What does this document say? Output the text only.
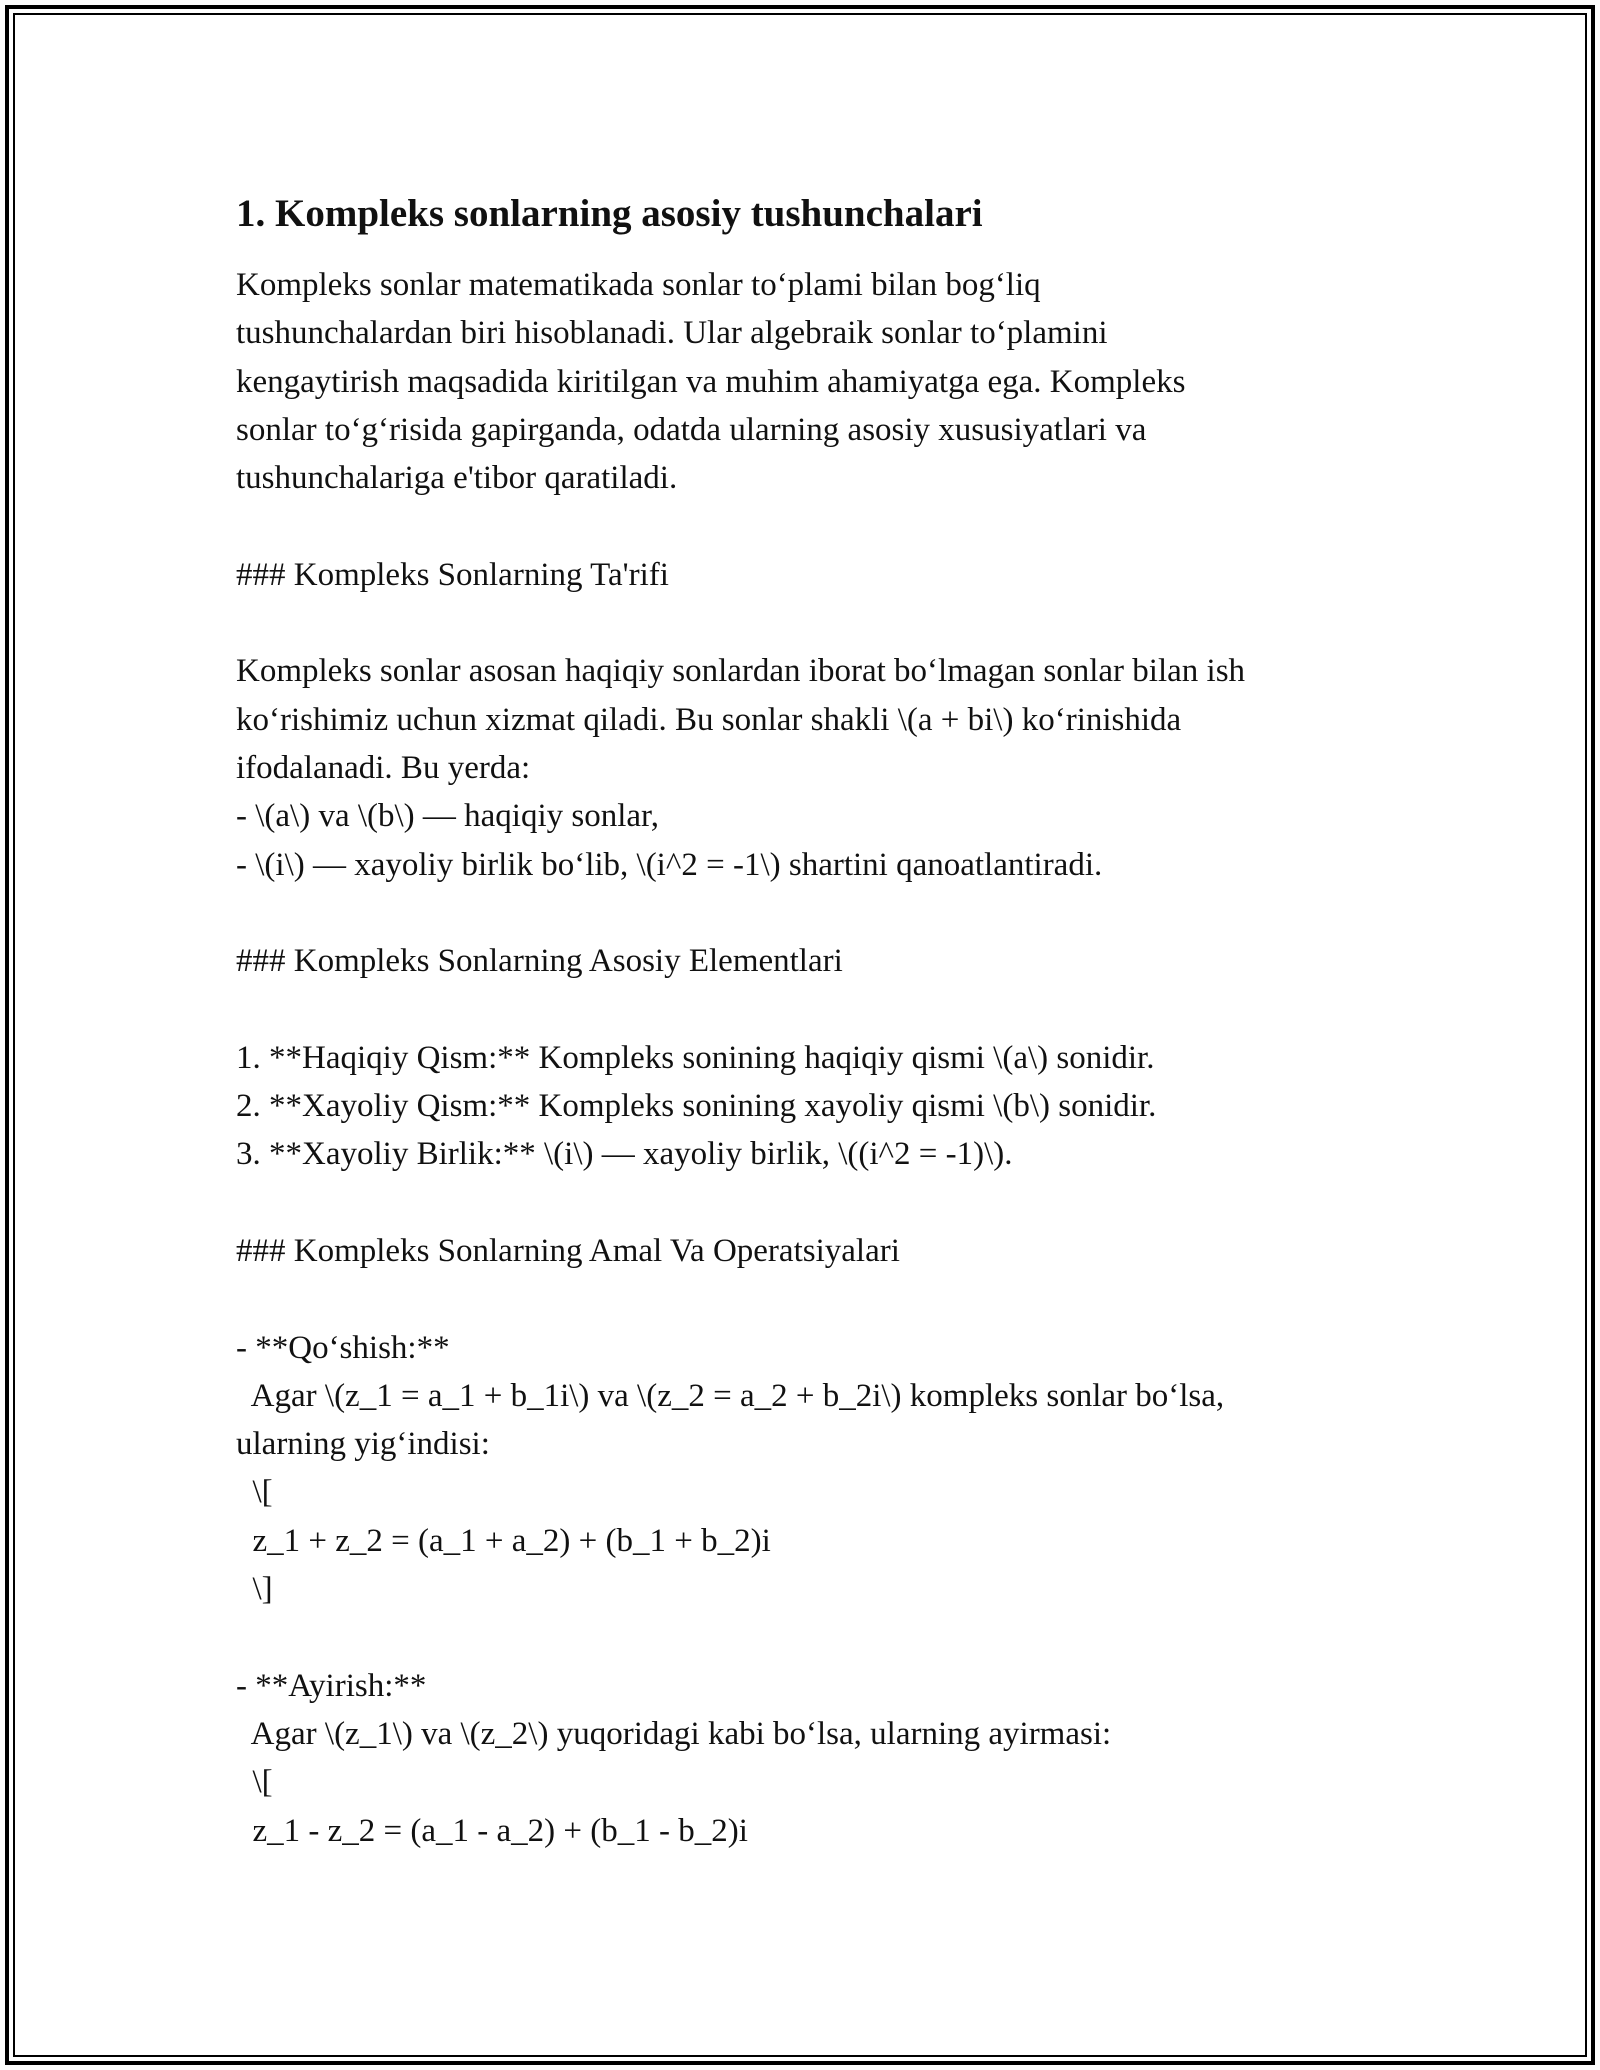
1. Kompleks sonlarning asosiy tushunchalari
Kompleks sonlar matematikada sonlar to‘plami bilan bog‘liq
tushunchalardan biri hisoblanadi. Ular algebraik sonlar to‘plamini
kengaytirish maqsadida kiritilgan va muhim ahamiyatga ega. Kompleks
sonlar to‘g‘risida gapirganda, odatda ularning asosiy xususiyatlari va
tushunchalariga e'tibor qaratiladi.
### Kompleks Sonlarning Ta'rifi
Kompleks sonlar asosan haqiqiy sonlardan iborat bo‘lmagan sonlar bilan ish
ko‘rishimiz uchun xizmat qiladi. Bu sonlar shakli \(a + bi\) ko‘rinishida
ifodalanadi. Bu yerda:
- \(a\) va \(b\) — haqiqiy sonlar,
- \(i\) — xayoliy birlik bo‘lib, \(i^2 = -1\) shartini qanoatlantiradi.
### Kompleks Sonlarning Asosiy Elementlari
1. **Haqiqiy Qism:** Kompleks sonining haqiqiy qismi \(a\) sonidir.
2. **Xayoliy Qism:** Kompleks sonining xayoliy qismi \(b\) sonidir.
3. **Xayoliy Birlik:** \(i\) — xayoliy birlik, \((i^2 = -1)\).
### Kompleks Sonlarning Amal Va Operatsiyalari
- **Qo‘shish:**
Agar \(z_1 = a_1 + b_1i\) va \(z_2 = a_2 + b_2i\) kompleks sonlar bo‘lsa,
ularning yig‘indisi:
\[
z_1 + z_2 = (a_1 + a_2) + (b_1 + b_2)i
\]
- **Ayirish:**
Agar \(z_1\) va \(z_2\) yuqoridagi kabi bo‘lsa, ularning ayirmasi:
\[
z_1 - z_2 = (a_1 - a_2) + (b_1 - b_2)i
